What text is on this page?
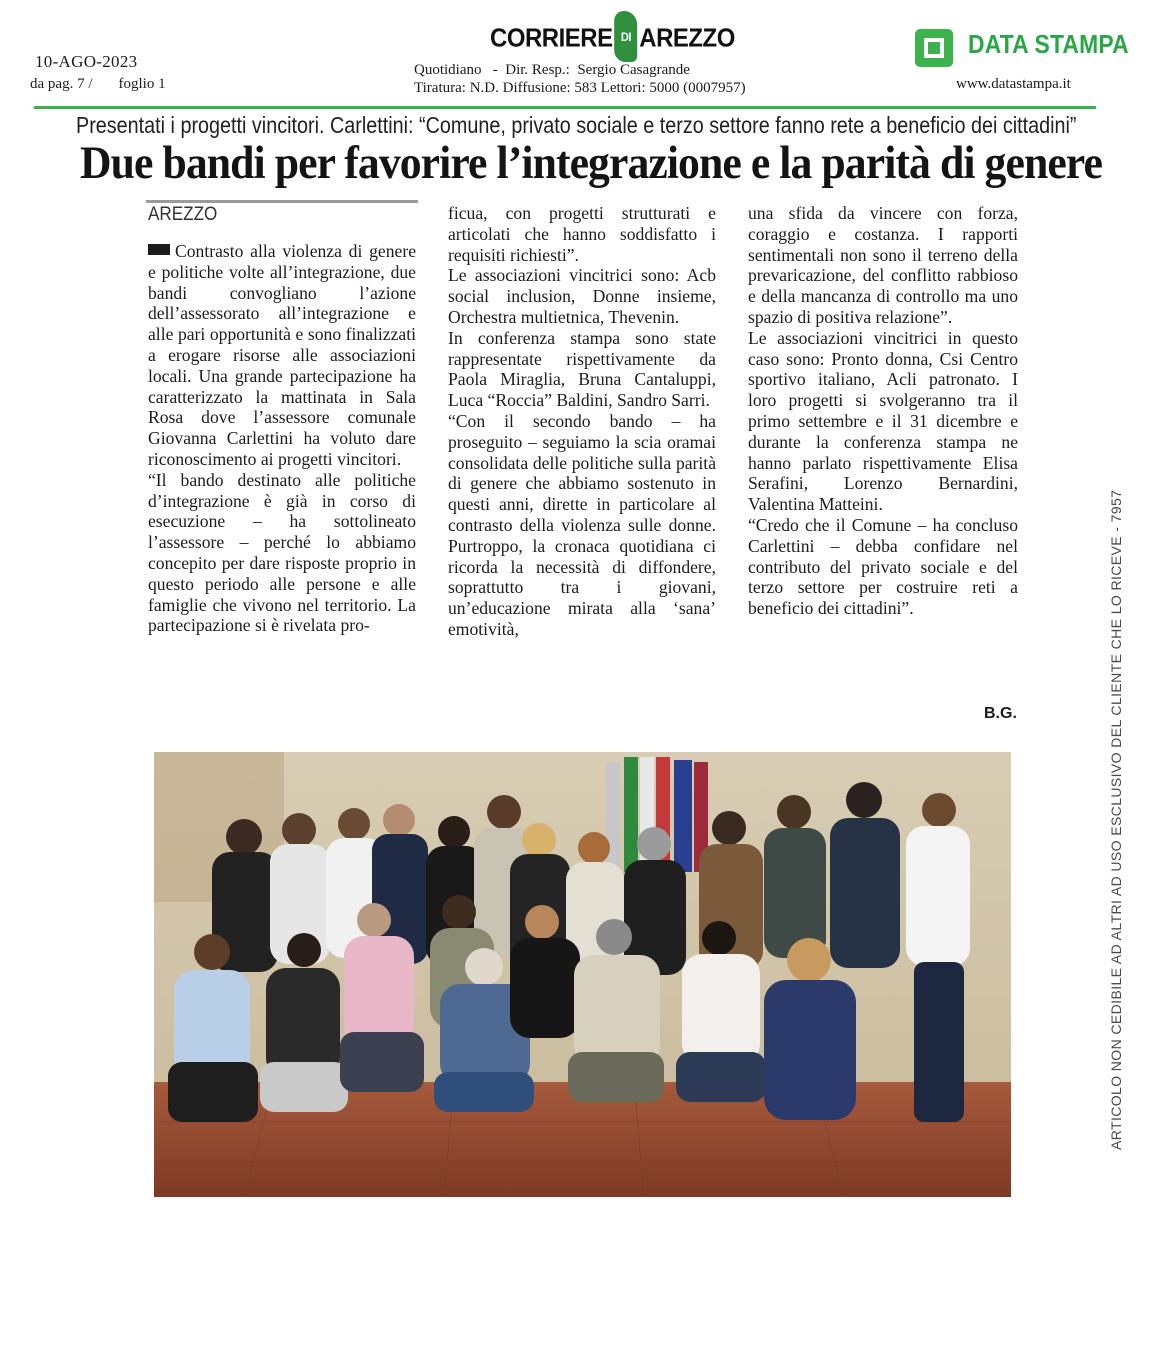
10-AGO-2023
da pag. 7 / foglio 1
CORRIERE DI AREZZO
Quotidiano   -  Dir. Resp.:  Sergio Casagrande
Tiratura: N.D. Diffusione: 583 Lettori: 5000 (0007957)
DATA STAMPA
www.datastampa.it
Presentati i progetti vincitori. Carlettini: “Comune, privato sociale e terzo settore fanno rete a beneficio dei cittadini”
Due bandi per favorire l’integrazione e la parità di genere
AREZZO

Contrasto alla violenza di genere e politiche volte all’integrazione, due bandi convogliano l’azione dell’assessorato all’integrazione e alle pari opportunità e sono finalizzati a erogare risorse alle associazioni locali. Una grande partecipazione ha caratterizzato la mattinata in Sala Rosa dove l’assessore comunale Giovanna Carlettini ha voluto dare riconoscimento ai progetti vincitori.

“Il bando destinato alle politiche d’integrazione è già in corso di esecuzione – ha sottolineato l’assessore – perché lo abbiamo concepito per dare risposte proprio in questo periodo alle persone e alle famiglie che vivono nel territorio. La partecipazione si è rivelata pro-

ficua, con progetti strutturati e articolati che hanno soddisfatto i requisiti richiesti”.

Le associazioni vincitrici sono: Acb social inclusion, Donne insieme, Orchestra multietnica, Thevenin.

In conferenza stampa sono state rappresentate rispettivamente da Paola Miraglia, Bruna Cantaluppi, Luca “Roccia” Baldini, Sandro Sarri.

“Con il secondo bando – ha proseguito – seguiamo la scia oramai consolidata delle politiche sulla parità di genere che abbiamo sostenuto in questi anni, dirette in particolare al contrasto della violenza sulle donne. Purtroppo, la cronaca quotidiana ci ricorda la necessità di diffondere, soprattutto tra i giovani, un’educazione mirata alla ‘sana’ emotività,

una sfida da vincere con forza, coraggio e costanza. I rapporti sentimentali non sono il terreno della prevaricazione, del conflitto rabbioso e della mancanza di controllo ma uno spazio di positiva relazione”.

Le associazioni vincitrici in questo caso sono: Pronto donna, Csi Centro sportivo italiano, Acli patronato. I loro progetti si svolgeranno tra il primo settembre e il 31 dicembre e durante la conferenza stampa ne hanno parlato rispettivamente Elisa Serafini, Lorenzo Bernardini, Valentina Matteini.

“Credo che il Comune – ha concluso Carlettini – debba confidare nel contributo del privato sociale e del terzo settore per costruire reti a beneficio dei cittadini”.

B.G.	ARTICOLO NON CEDIBILE AD ALTRI AD USO ESCLUSIVO DEL CLIENTE CHE LO RICEVE - 7957
